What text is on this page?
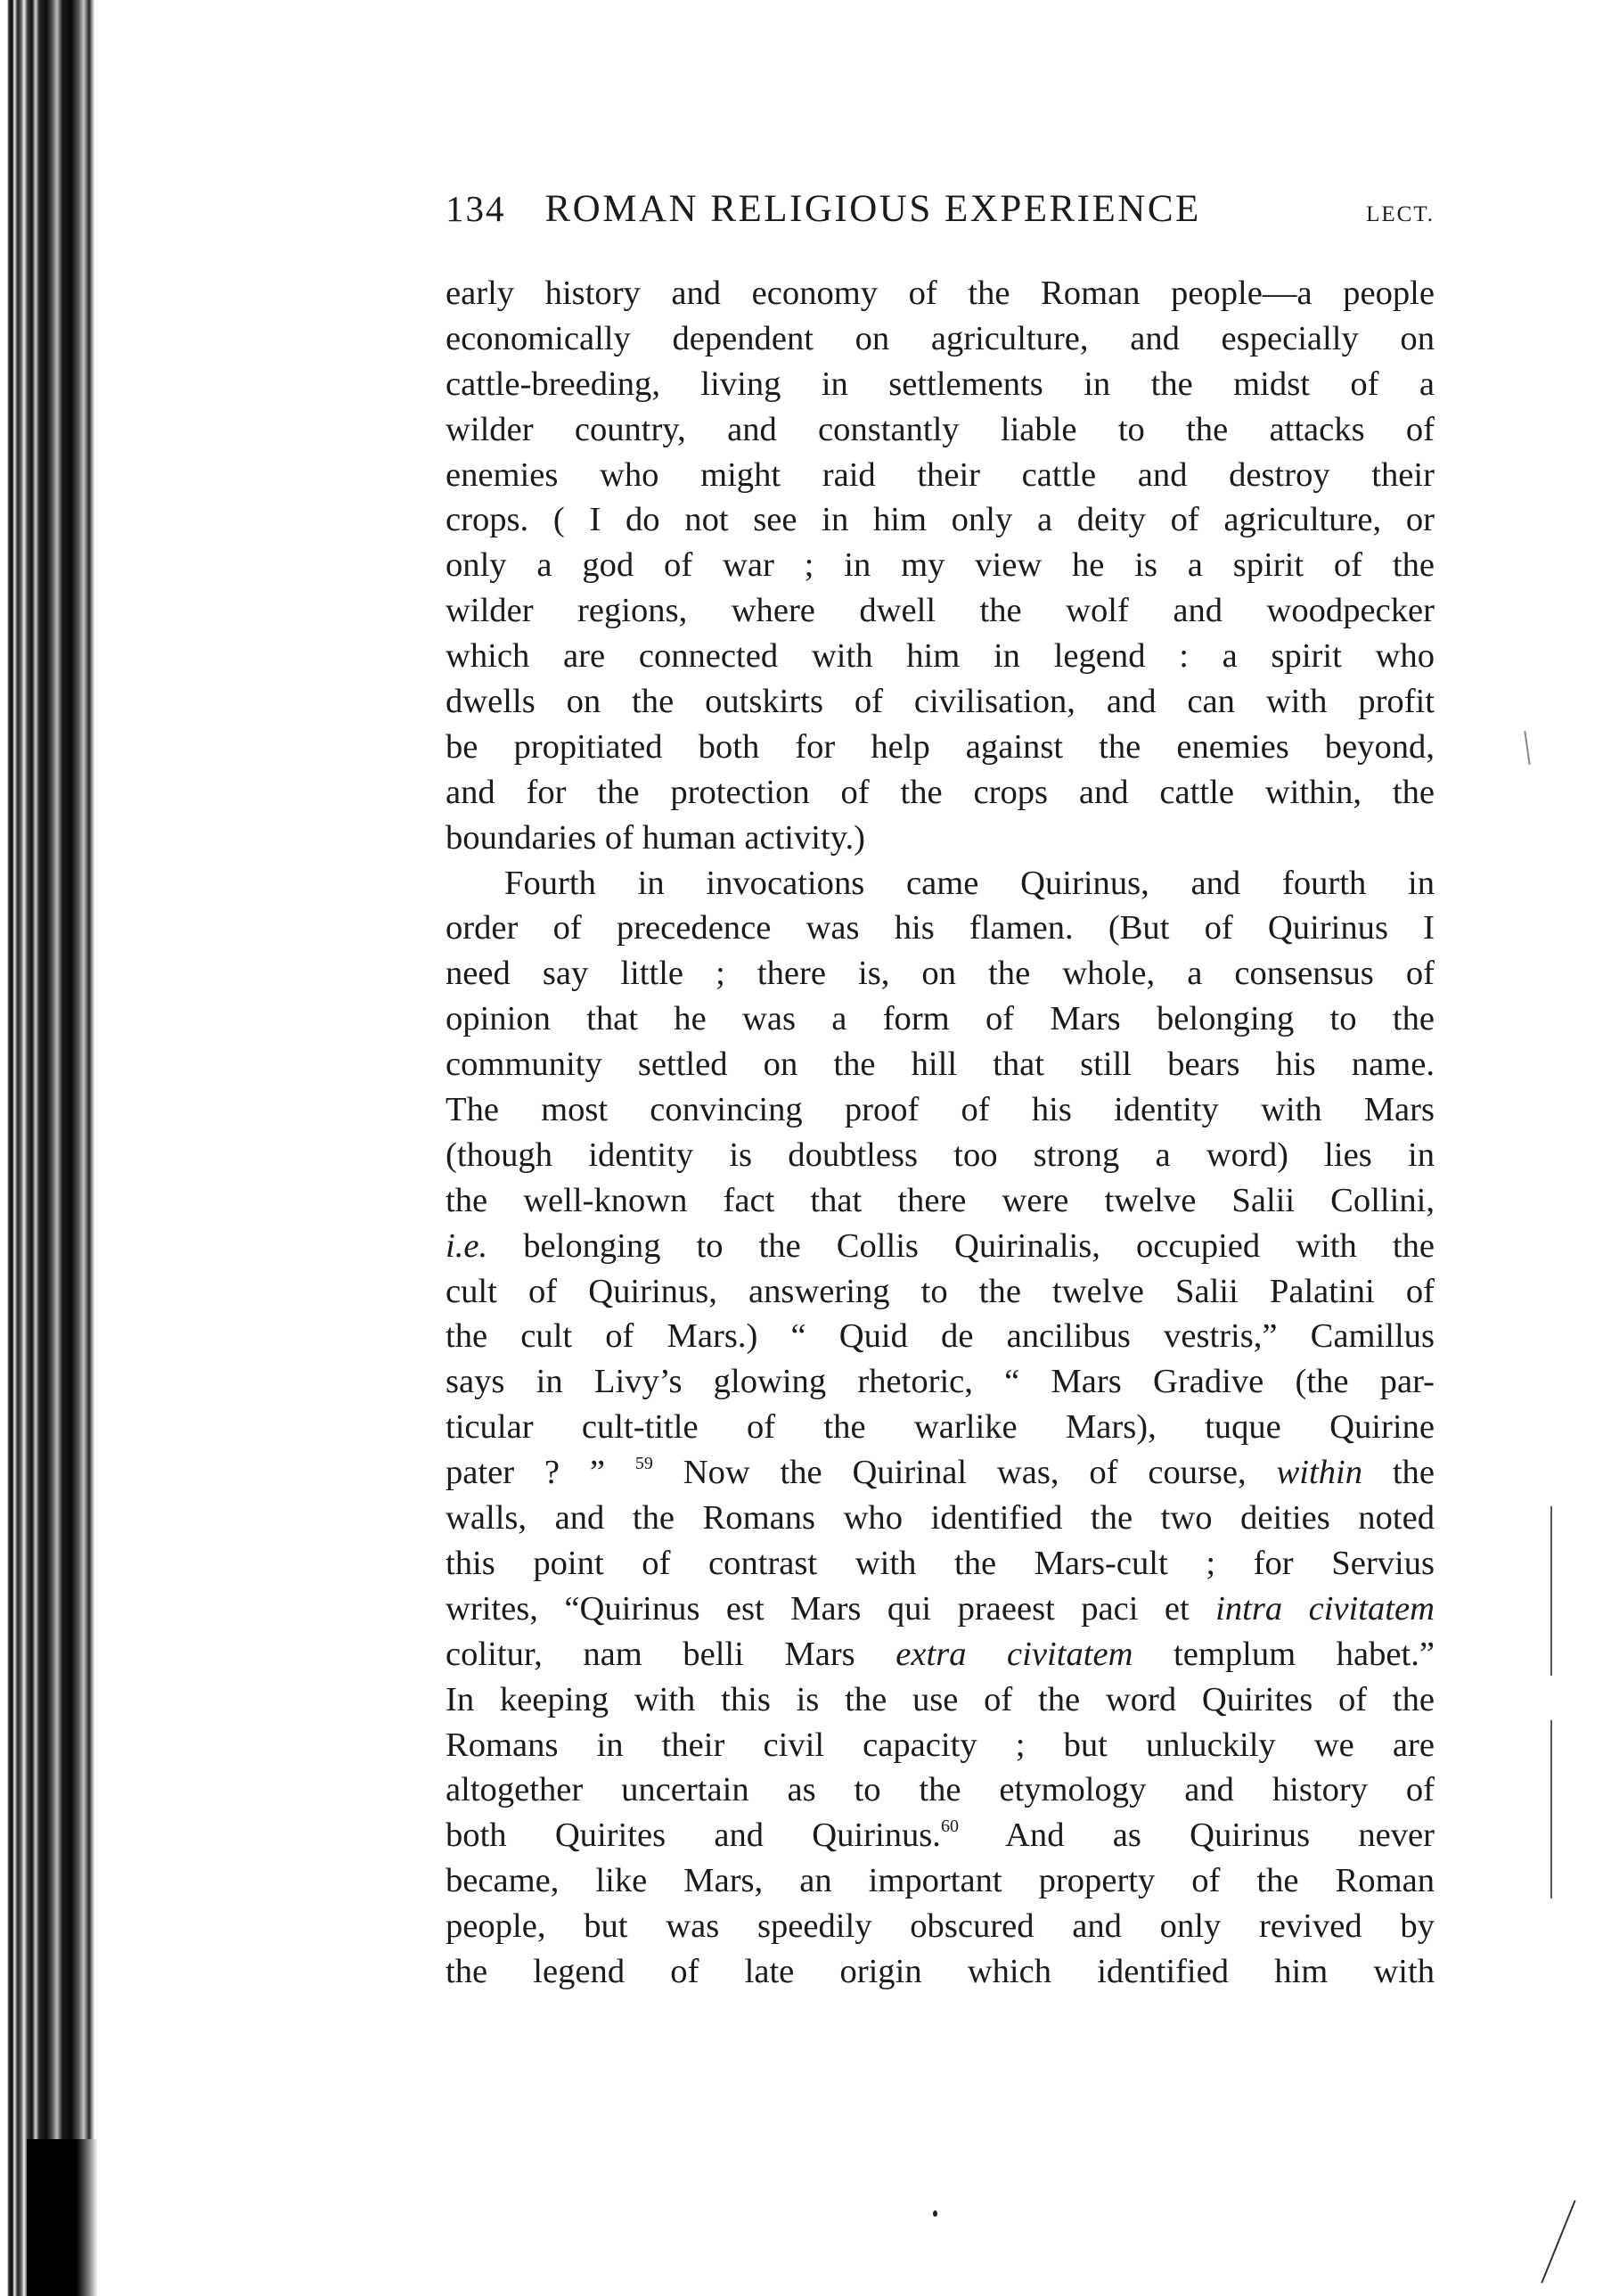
134 ROMAN RELIGIOUS EXPERIENCE	LECT.
early history and economy of the Roman people—a people
economically dependent on agriculture, and especially on
cattle-breeding, living in settlements in the midst of a
wilder country, and constantly liable to the attacks of
enemies who might raid their cattle and destroy their
crops. ( I do not see in him only a deity of agriculture, or
only a god of war ; in my view he is a spirit of the
wilder regions, where dwell the wolf and woodpecker
which are connected with him in legend : a spirit who
dwells on the outskirts of civilisation, and can with profit
be propitiated both for help against the enemies beyond,
and for the protection of the crops and cattle within, the
boundaries of human activity.)
Fourth in invocations came Quirinus, and fourth in
order of precedence was his flamen. (But of Quirinus I
need say little ; there is, on the whole, a consensus of
opinion that he was a form of Mars belonging to the
community settled on the hill that still bears his name.
The most convincing proof of his identity with Mars
(though identity is doubtless too strong a word) lies in
the well-known fact that there were twelve Salii Collini,
i.e. belonging to the Collis Quirinalis, occupied with the
cult of Quirinus, answering to the twelve Salii Palatini of
the cult of Mars.) “ Quid de ancilibus vestris,” Camillus
says in Livy’s glowing rhetoric, “ Mars Gradive (the par-
ticular cult-title of the warlike Mars), tuque Quirine
pater ? ” $^{59}$ Now the Quirinal was, of course, within the
walls, and the Romans who identified the two deities noted
this point of contrast with the Mars-cult ; for Servius
writes, “Quirinus est Mars qui praeest paci et intra civitatem
colitur, nam belli Mars extra civitatem templum habet.”
In keeping with this is the use of the word Quirites of the
Romans in their civil capacity ; but unluckily we are
altogether uncertain as to the etymology and history of
both Quirites and Quirinus.$^{60}$ And as Quirinus never
became, like Mars, an important property of the Roman
people, but was speedily obscured and only revived by
the legend of late origin which identified him with
